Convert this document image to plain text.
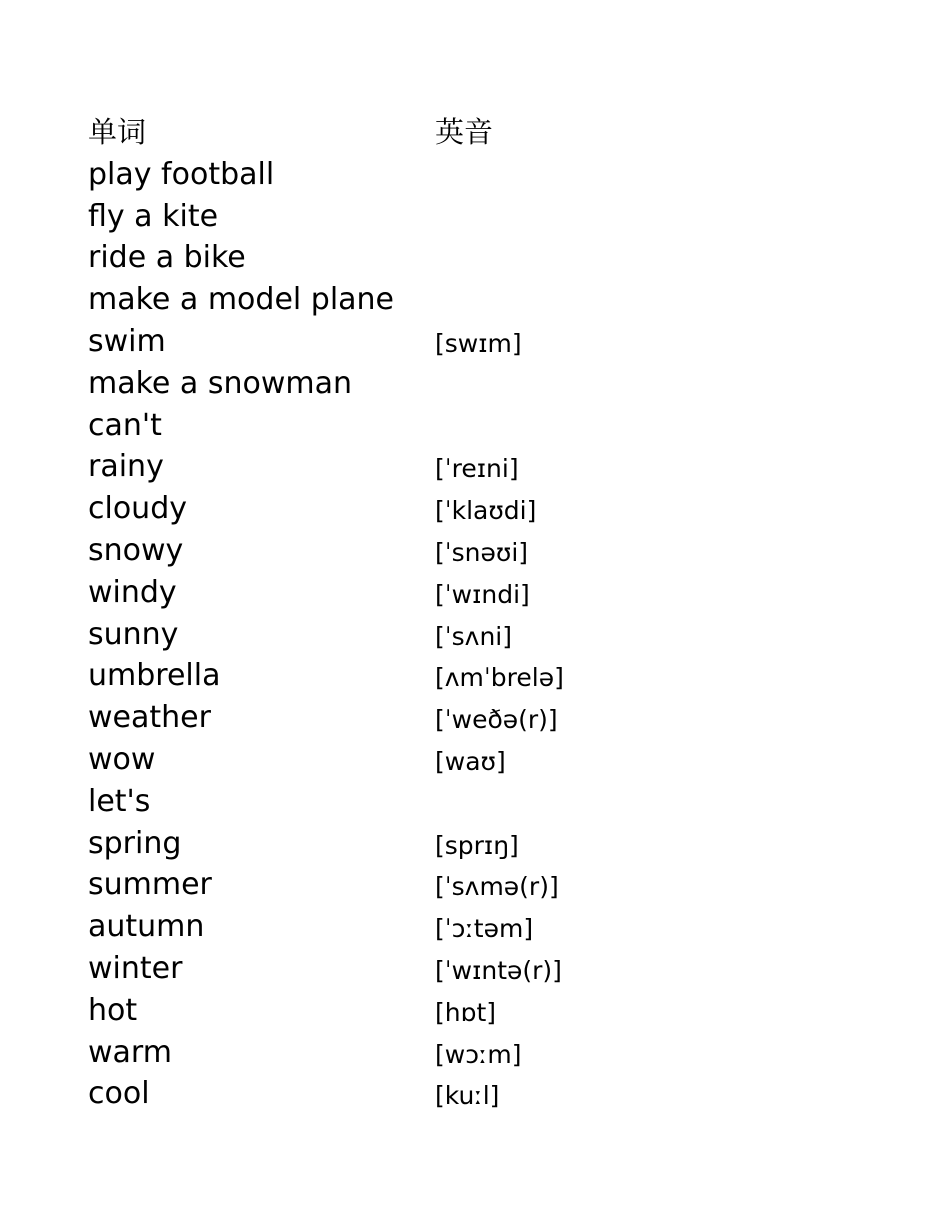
单词	英音
play football
fly a kite
ride a bike
make a model plane
swim	[swɪm]
make a snowman
can't
rainy	[ˈreɪni]
cloudy	[ˈklaʊdi]
snowy	[ˈsnəʊi]
windy	[ˈwɪndi]
sunny	[ˈsʌni]
umbrella	[ʌmˈbrelə]
weather	[ˈweðə(r)]
wow	[waʊ]
let's
spring	[sprɪŋ]
summer	[ˈsʌmə(r)]
autumn	[ˈɔːtəm]
winter	[ˈwɪntə(r)]
hot	[hɒt]
warm	[wɔːm]
cool	[kuːl]
